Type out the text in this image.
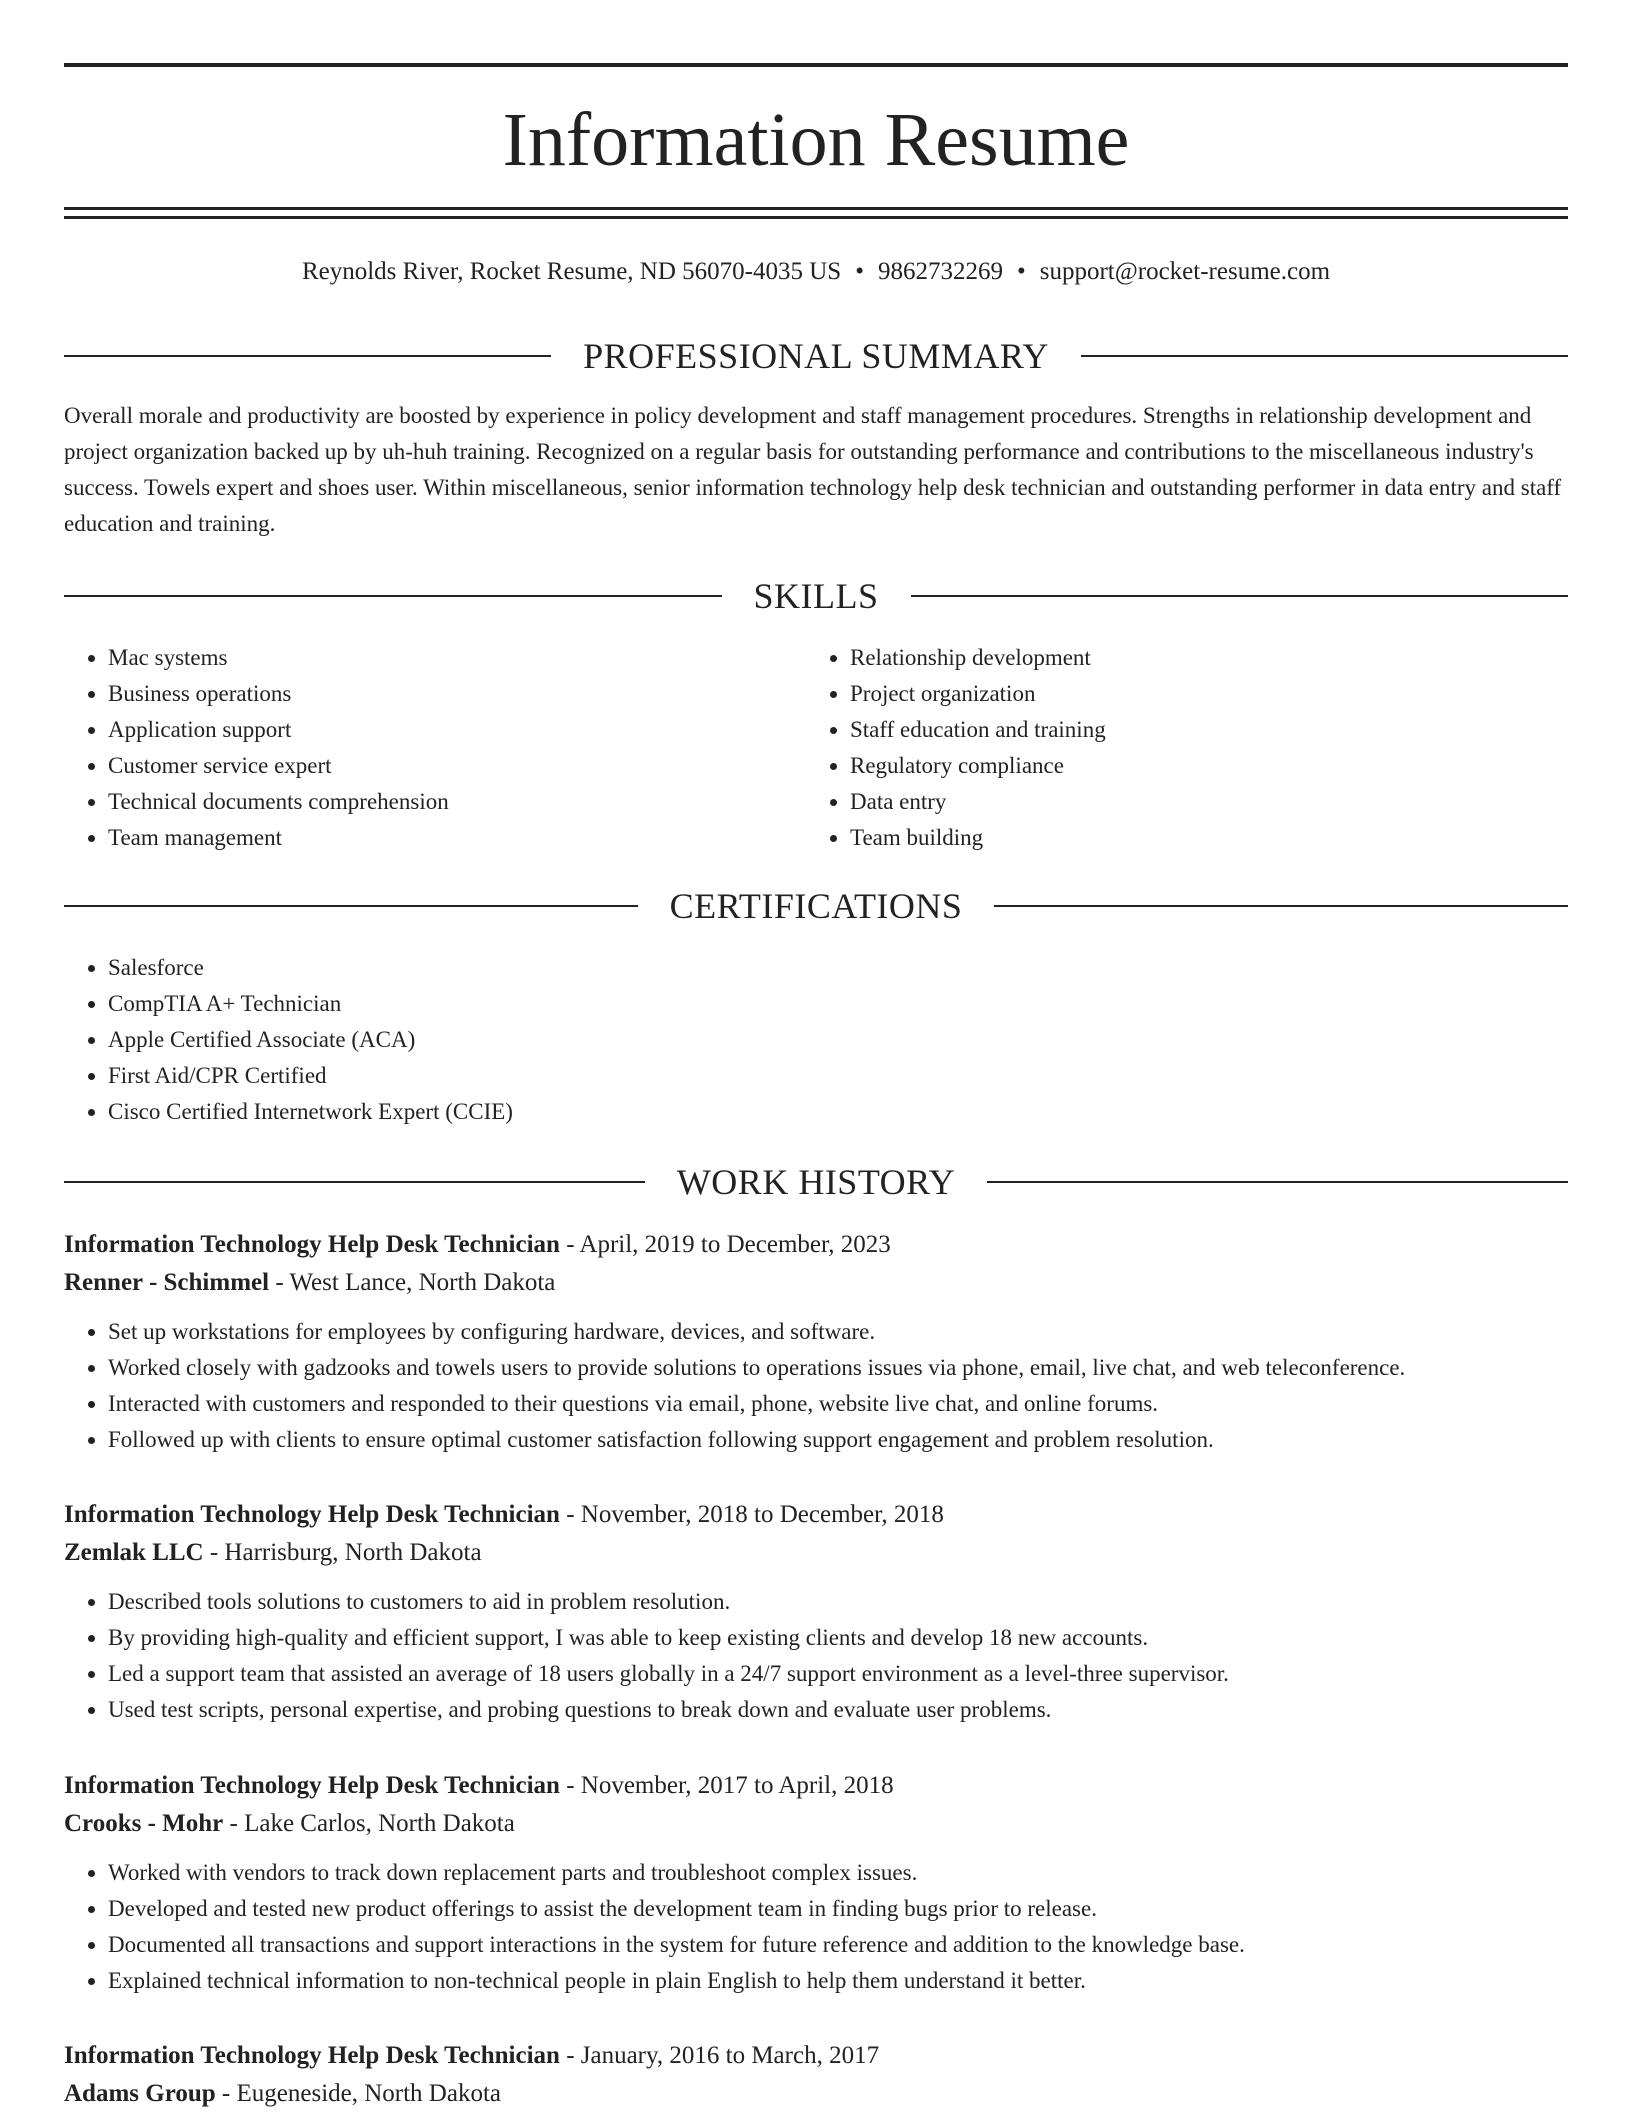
Information Resume
Reynolds River, Rocket Resume, ND 56070-4035 US • 9862732269 • support@rocket-resume.com
PROFESSIONAL SUMMARY

Overall morale and productivity are boosted by experience in policy development and staff management procedures. Strengths in relationship development and project organization backed up by uh-huh training. Recognized on a regular basis for outstanding performance and contributions to the miscellaneous industry's success. Towels expert and shoes user. Within miscellaneous, senior information technology help desk technician and outstanding performer in data entry and staff education and training.

SKILLS
• Mac systems
• Business operations
• Application support
• Customer service expert
• Technical documents comprehension
• Team management
• Relationship development
• Project organization
• Staff education and training
• Regulatory compliance
• Data entry
• Team building
CERTIFICATIONS
• Salesforce
• CompTIA A+ Technician
• Apple Certified Associate (ACA)
• First Aid/CPR Certified
• Cisco Certified Internetwork Expert (CCIE)
WORK HISTORY
Information Technology Help Desk Technician - April, 2019 to December, 2023
Renner - Schimmel - West Lance, North Dakota
• Set up workstations for employees by configuring hardware, devices, and software.
• Worked closely with gadzooks and towels users to provide solutions to operations issues via phone, email, live chat, and web teleconference.
• Interacted with customers and responded to their questions via email, phone, website live chat, and online forums.
• Followed up with clients to ensure optimal customer satisfaction following support engagement and problem resolution.
Information Technology Help Desk Technician - November, 2018 to December, 2018
Zemlak LLC - Harrisburg, North Dakota
• Described tools solutions to customers to aid in problem resolution.
• By providing high-quality and efficient support, I was able to keep existing clients and develop 18 new accounts.
• Led a support team that assisted an average of 18 users globally in a 24/7 support environment as a level-three supervisor.
• Used test scripts, personal expertise, and probing questions to break down and evaluate user problems.
Information Technology Help Desk Technician - November, 2017 to April, 2018
Crooks - Mohr - Lake Carlos, North Dakota
• Worked with vendors to track down replacement parts and troubleshoot complex issues.
• Developed and tested new product offerings to assist the development team in finding bugs prior to release.
• Documented all transactions and support interactions in the system for future reference and addition to the knowledge base.
• Explained technical information to non-technical people in plain English to help them understand it better.
Information Technology Help Desk Technician - January, 2016 to March, 2017
Adams Group - Eugeneside, North Dakota
